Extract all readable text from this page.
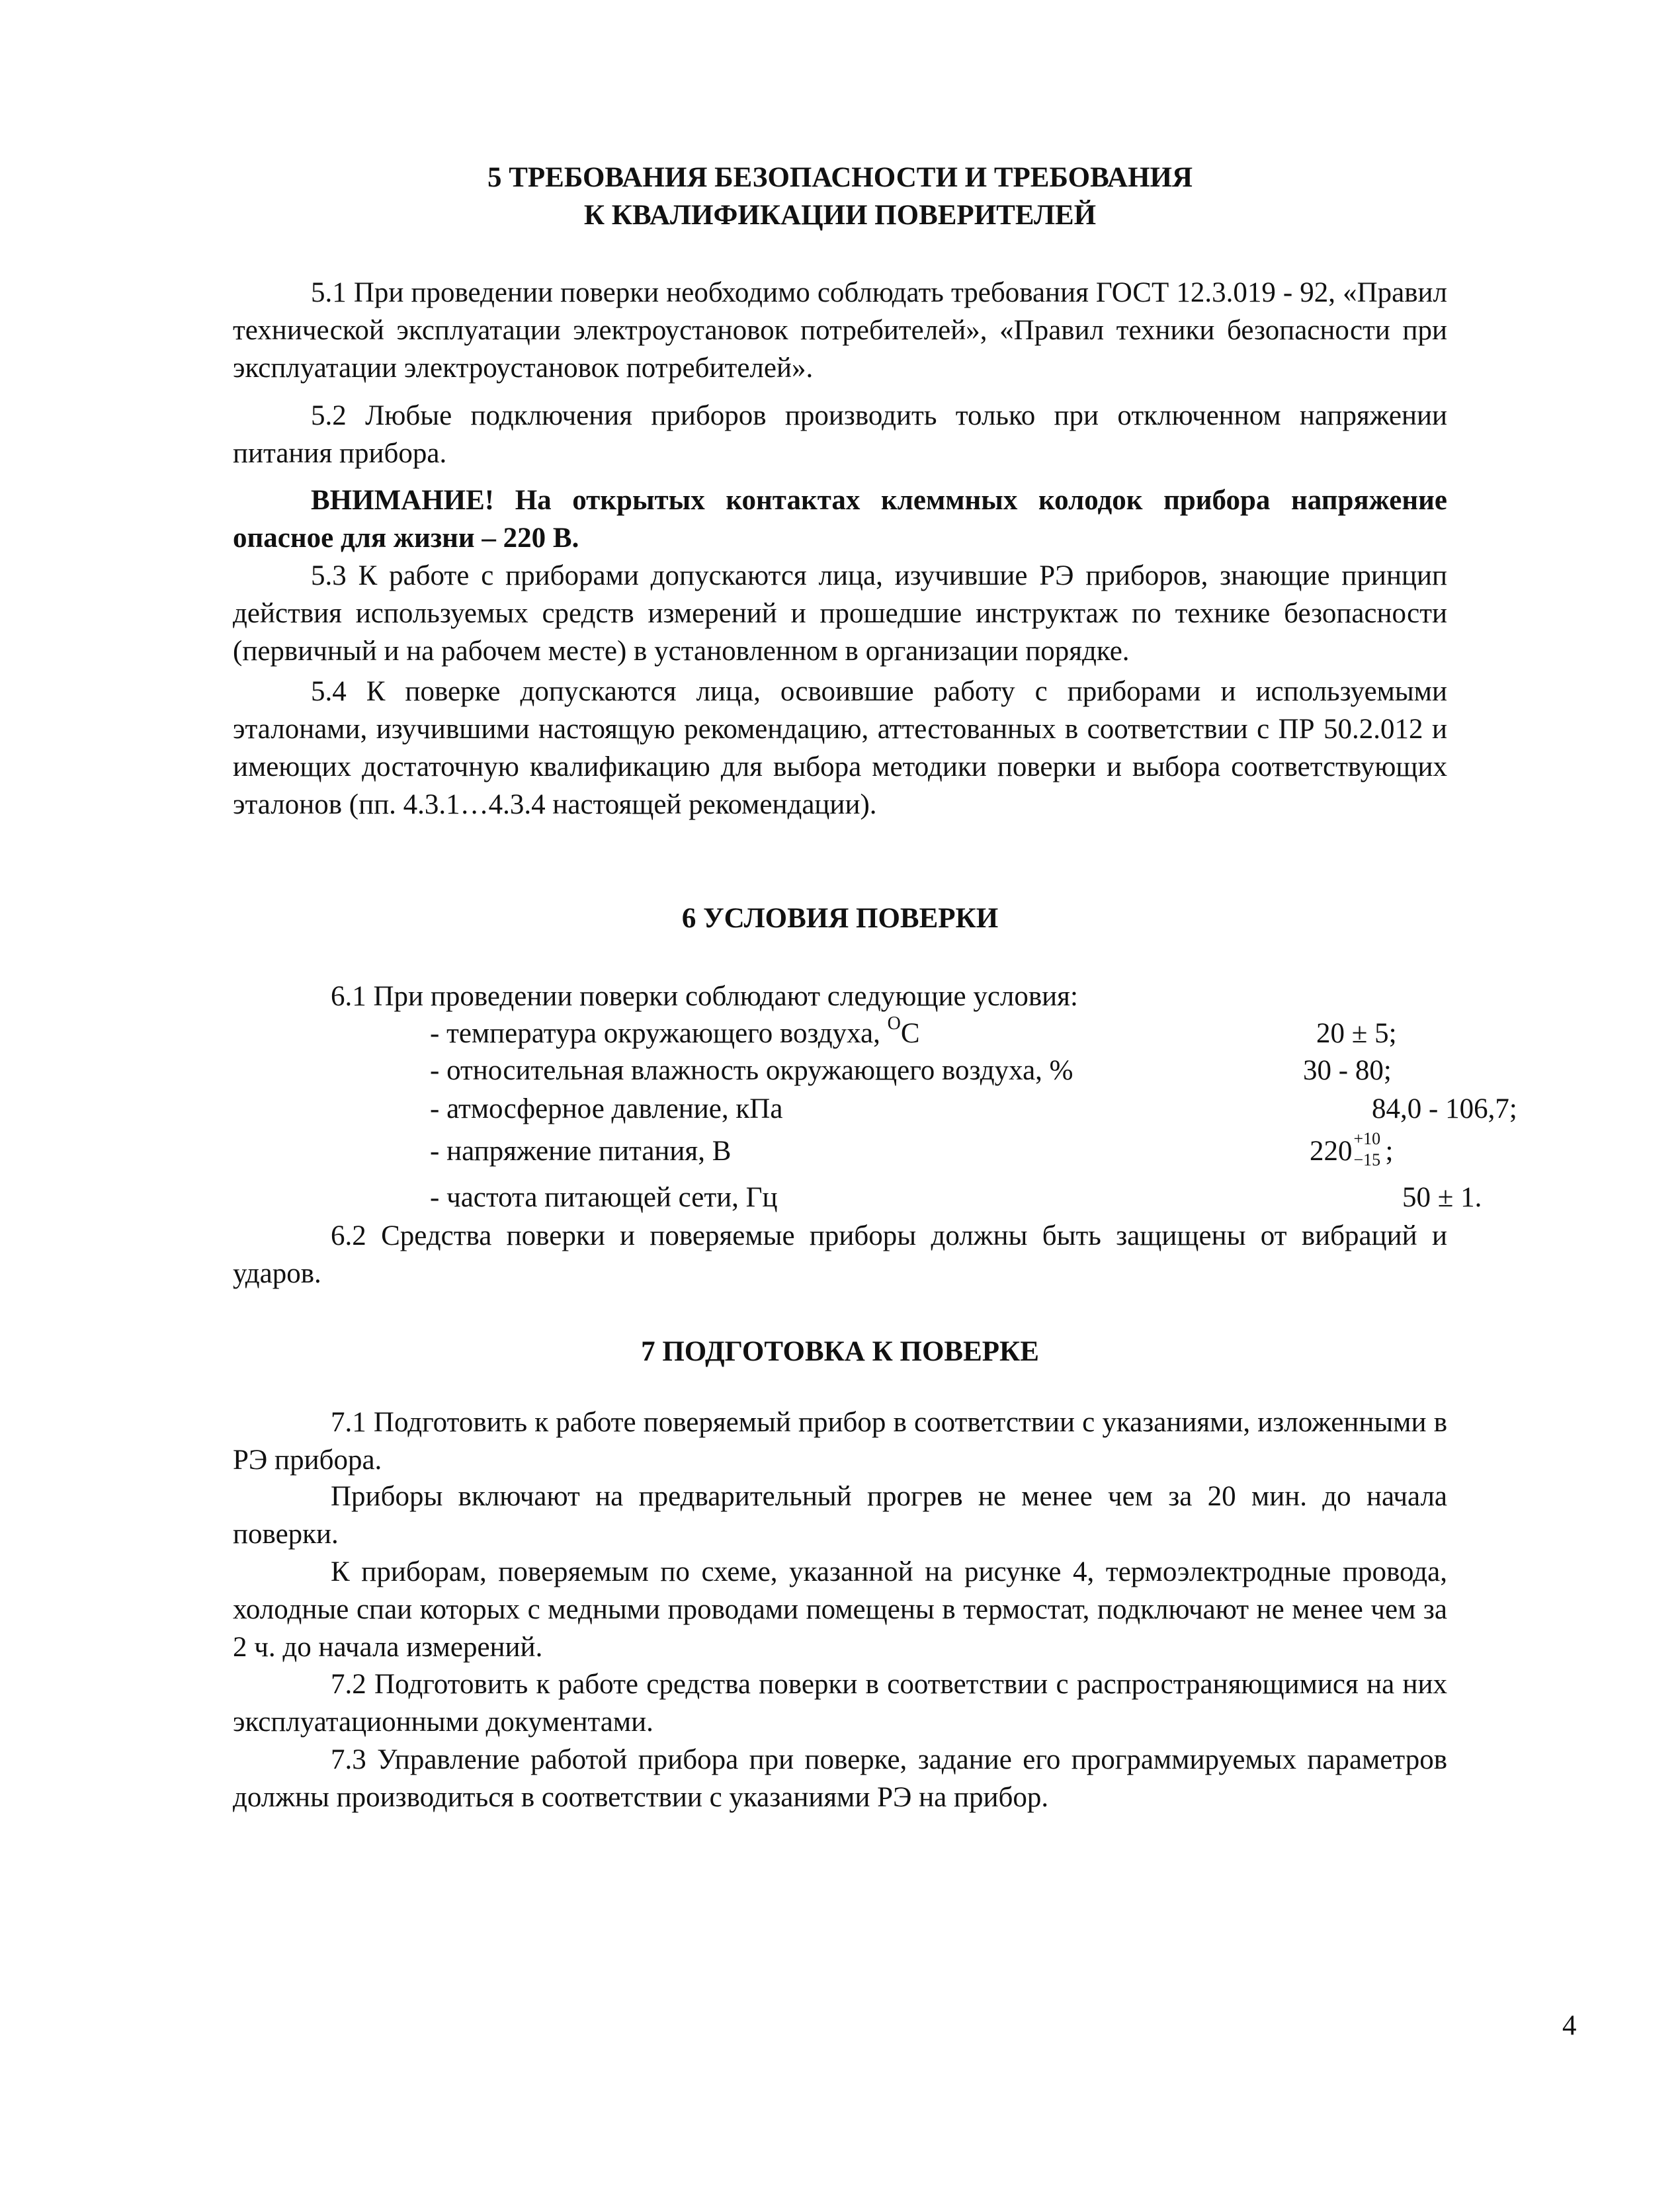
5 ТРЕБОВАНИЯ БЕЗОПАСНОСТИ И ТРЕБОВАНИЯ
К КВАЛИФИКАЦИИ ПОВЕРИТЕЛЕЙ

5.1 При проведении поверки необходимо соблюдать требования ГОСТ 12.3.019 - 92, «Правил технической эксплуатации электроустановок потребителей», «Правил техники безопасности при эксплуатации электроустановок потребителей».

5.2 Любые подключения приборов производить только при отключенном напряжении питания прибора.

ВНИМАНИЕ! На открытых контактах клеммных колодок прибора напряжение опасное для жизни – 220 В.

5.3 К работе с приборами допускаются лица, изучившие РЭ приборов, знающие принцип действия используемых средств измерений и прошедшие инструктаж по технике безопасности (первичный и на рабочем месте) в установленном в организации порядке.

5.4 К поверке допускаются лица, освоившие работу с приборами и используемыми эталонами, изучившими настоящую рекомендацию, аттестованных в соответствии с ПР 50.2.012 и имеющих достаточную квалификацию для выбора методики поверки и выбора соответствующих эталонов (пп. 4.3.1…4.3.4 настоящей рекомендации).

6 УСЛОВИЯ ПОВЕРКИ

6.1 При проведении поверки соблюдают следующие условия:

- температура окружающего воздуха, $^О$С	20 ± 5;
- относительная влажность окружающего воздуха, %	30 - 80;
- атмосферное давление, кПа	84,0 - 106,7;
- напряжение питания, В	220 +10
−15 ;
- частота питающей сети, Гц	50 ± 1.

6.2 Средства поверки и поверяемые приборы должны быть защищены от вибраций и ударов.

7 ПОДГОТОВКА К ПОВЕРКЕ

7.1 Подготовить к работе поверяемый прибор в соответствии с указаниями, изложенными в РЭ прибора.

Приборы включают на предварительный прогрев не менее чем за 20 мин. до начала поверки.

К приборам, поверяемым по схеме, указанной на рисунке 4, термоэлектродные провода, холодные спаи которых с медными проводами помещены в термостат, подключают не менее чем за 2 ч. до начала измерений.

7.2 Подготовить к работе средства поверки в соответствии с распространяющимися на них эксплуатационными документами.

7.3 Управление работой прибора при поверке, задание его программируемых параметров должны производиться в соответствии с указаниями РЭ на прибор.

4
